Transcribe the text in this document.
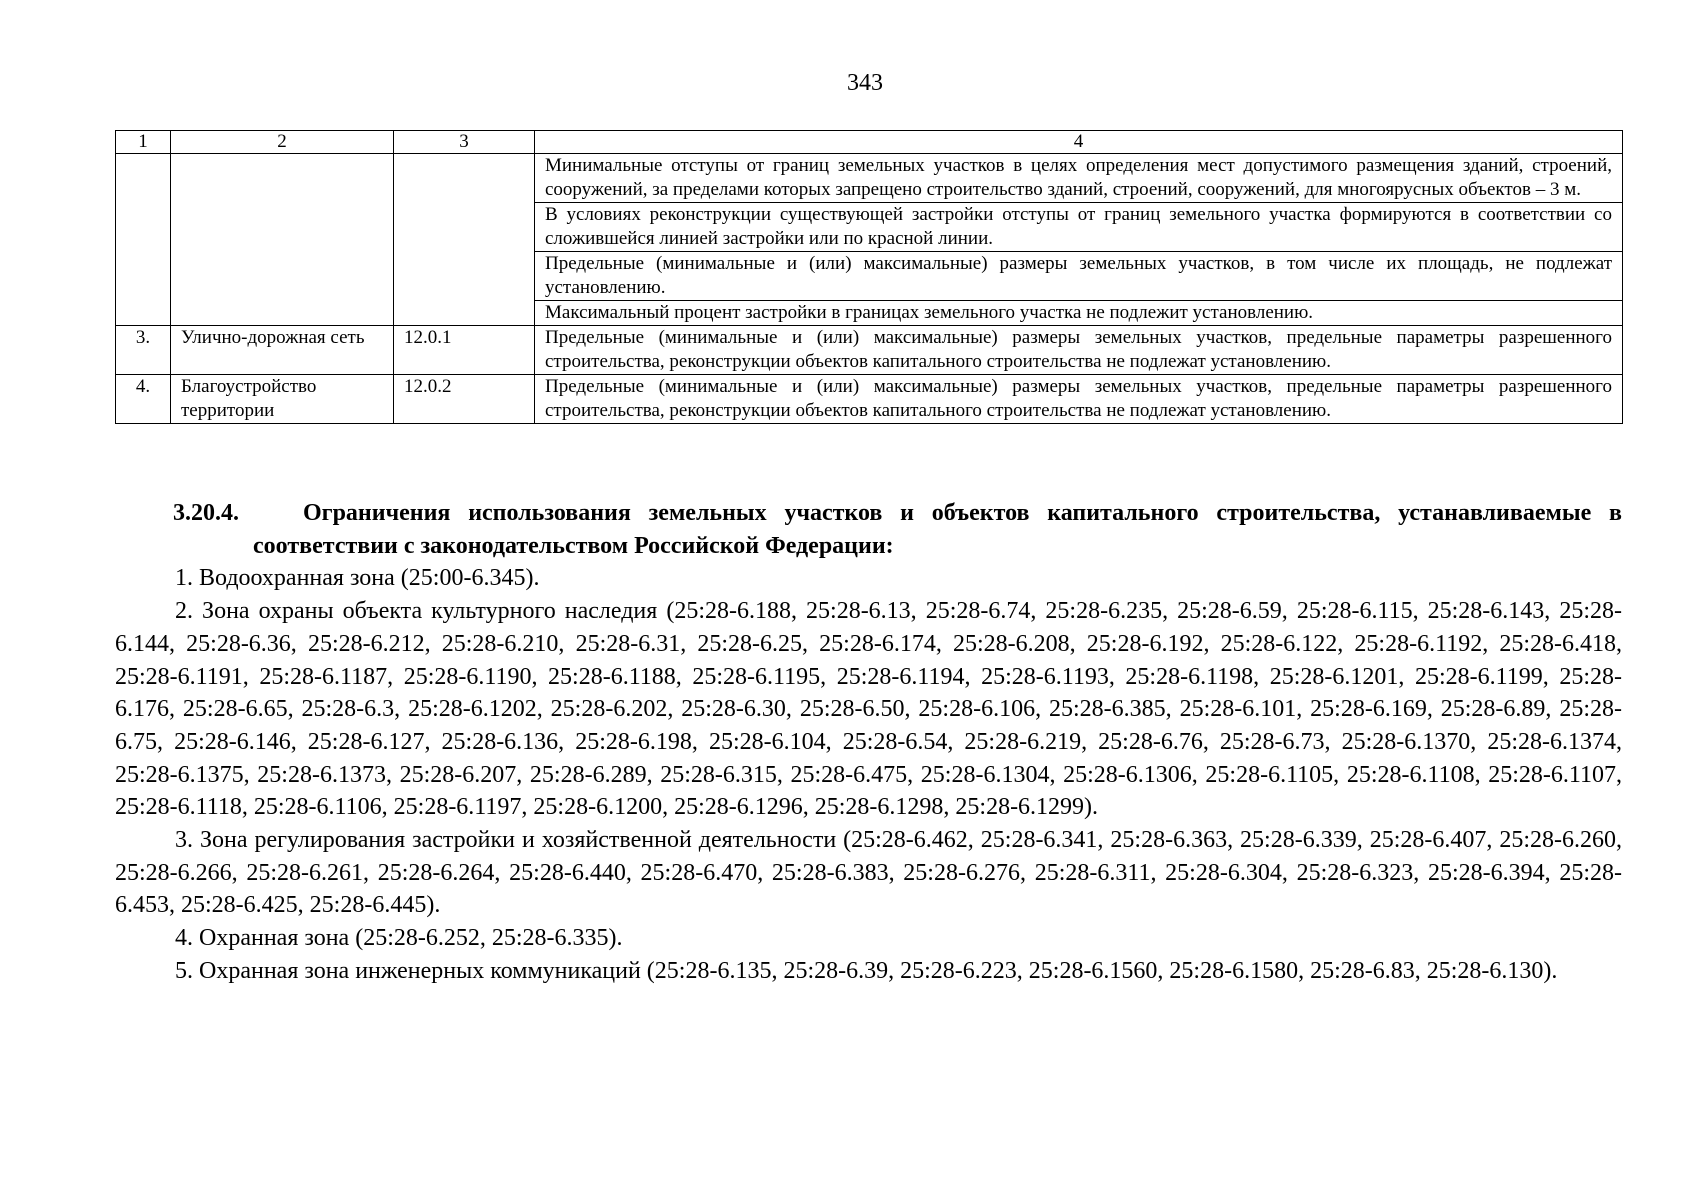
343
1	2	3	4
			Минимальные отступы от границ земельных участков в целях определения мест допустимого размещения зданий, строений, сооружений, за пределами которых запрещено строительство зданий, строений, сооружений, для многоярусных объектов – 3 м.
			В условиях реконструкции существующей застройки отступы от границ земельного участка формируются в соответствии со сложившейся линией застройки или по красной линии.
			Предельные (минимальные и (или) максимальные) размеры земельных участков, в том числе их площадь, не подлежат установлению.
			Максимальный процент застройки в границах земельного участка не подлежит установлению.
3.	Улично-дорожная сеть	12.0.1	Предельные (минимальные и (или) максимальные) размеры земельных участков, предельные параметры разрешенного строительства, реконструкции объектов капитального строительства не подлежат установлению.
4.	Благоустройство территории	12.0.2	Предельные (минимальные и (или) максимальные) размеры земельных участков, предельные параметры разрешенного строительства, реконструкции объектов капитального строительства не подлежат установлению.

3.20.4.	Ограничения использования земельных участков и объектов капитального строительства, устанавливаемые в соответствии с законодательством Российской Федерации:

1. Водоохранная зона (25:00-6.345).

2. Зона охраны объекта культурного наследия (25:28-6.188, 25:28-6.13, 25:28-6.74, 25:28-6.235, 25:28-6.59, 25:28-6.115, 25:28-6.143, 25:28-6.144, 25:28-6.36, 25:28-6.212, 25:28-6.210, 25:28-6.31, 25:28-6.25, 25:28-6.174, 25:28-6.208, 25:28-6.192, 25:28-6.122, 25:28-6.1192, 25:28-6.418, 25:28-6.1191, 25:28-6.1187, 25:28-6.1190, 25:28-6.1188, 25:28-6.1195, 25:28-6.1194, 25:28-6.1193, 25:28-6.1198, 25:28-6.1201, 25:28-6.1199, 25:28-6.176, 25:28-6.65, 25:28-6.3, 25:28-6.1202, 25:28-6.202, 25:28-6.30, 25:28-6.50, 25:28-6.106, 25:28-6.385, 25:28-6.101, 25:28-6.169, 25:28-6.89, 25:28-6.75, 25:28-6.146, 25:28-6.127, 25:28-6.136, 25:28-6.198, 25:28-6.104, 25:28-6.54, 25:28-6.219, 25:28-6.76, 25:28-6.73, 25:28-6.1370, 25:28-6.1374, 25:28-6.1375, 25:28-6.1373, 25:28-6.207, 25:28-6.289, 25:28-6.315, 25:28-6.475, 25:28-6.1304, 25:28-6.1306, 25:28-6.1105, 25:28-6.1108, 25:28-6.1107, 25:28-6.1118, 25:28-6.1106, 25:28-6.1197, 25:28-6.1200, 25:28-6.1296, 25:28-6.1298, 25:28-6.1299).

3. Зона регулирования застройки и хозяйственной деятельности (25:28-6.462, 25:28-6.341, 25:28-6.363, 25:28-6.339, 25:28-6.407, 25:28-6.260, 25:28-6.266, 25:28-6.261, 25:28-6.264, 25:28-6.440, 25:28-6.470, 25:28-6.383, 25:28-6.276, 25:28-6.311, 25:28-6.304, 25:28-6.323, 25:28-6.394, 25:28-6.453, 25:28-6.425, 25:28-6.445).

4. Охранная зона (25:28-6.252, 25:28-6.335).

5. Охранная зона инженерных коммуникаций (25:28-6.135, 25:28-6.39, 25:28-6.223, 25:28-6.1560, 25:28-6.1580, 25:28-6.83, 25:28-6.130).
